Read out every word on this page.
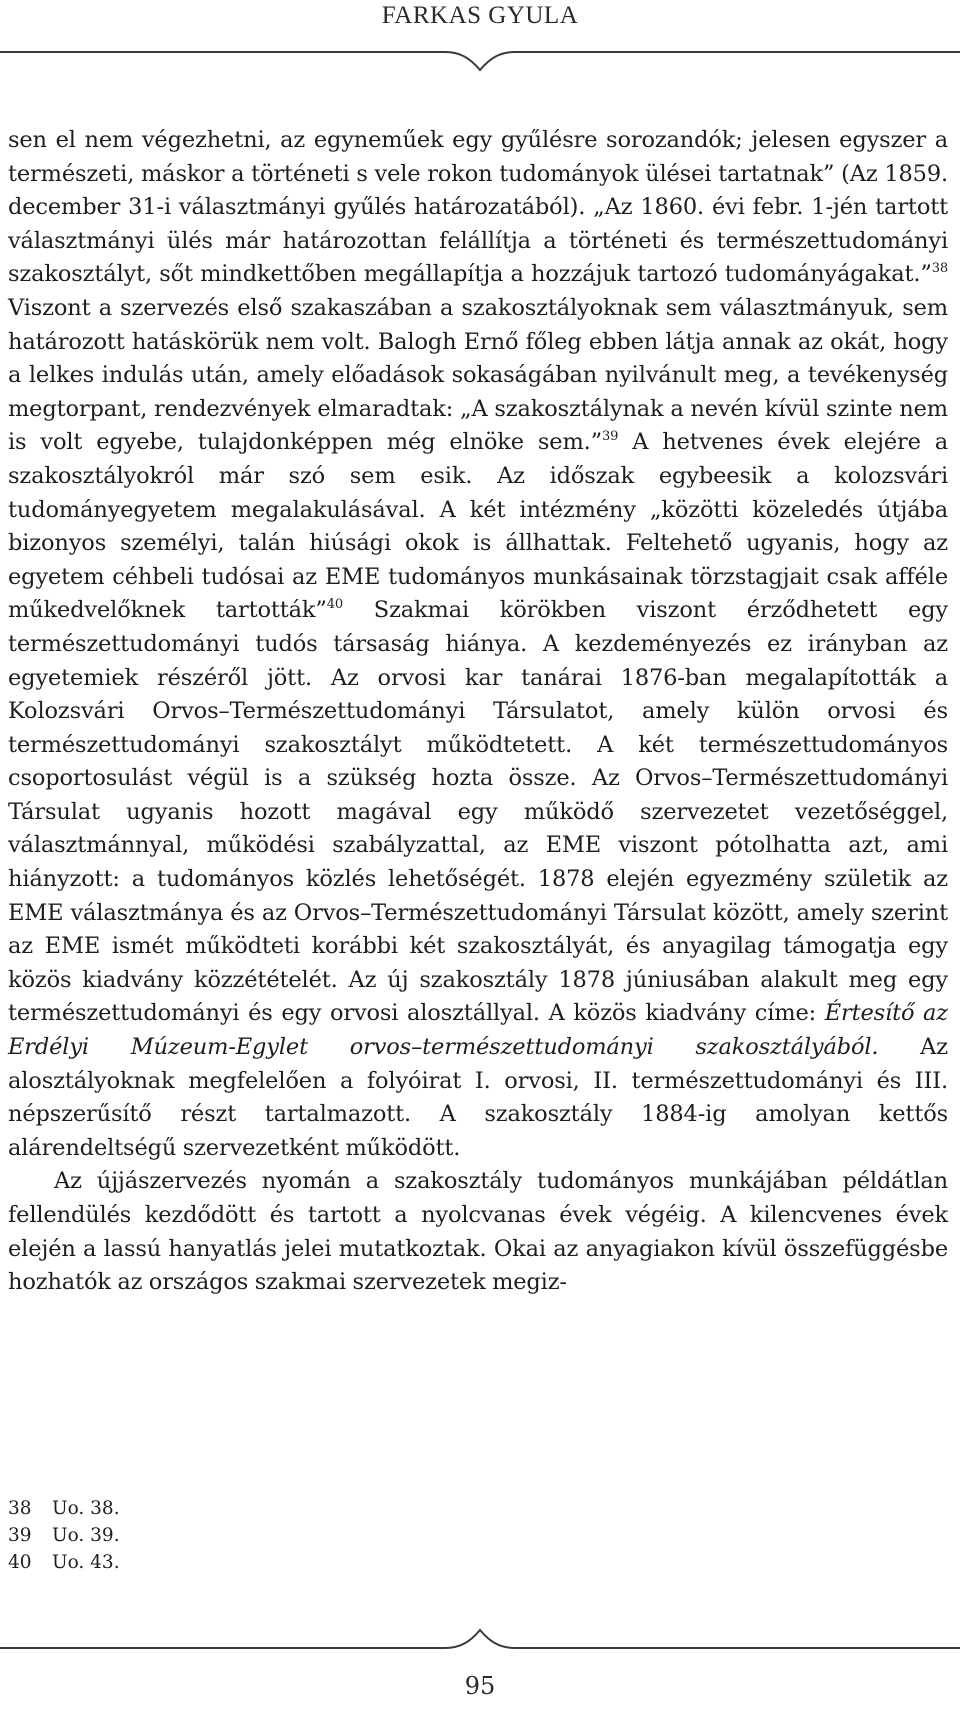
FARKAS GYULA

sen el nem végezhetni, az egyneműek egy gyűlésre sorozandók; jelesen egyszer a természeti, máskor a történeti s vele rokon tudományok ülései tartatnak” (Az 1859. december 31-i választmányi gyűlés határozatából). „Az 1860. évi febr. 1-jén tartott választmányi ülés már határozottan felállítja a történeti és természettudományi szakosztályt, sőt mindkettőben megállapítja a hozzájuk tartozó tudományágakat.”$^{38}$ Viszont a szervezés első szakaszában a szakosztályoknak sem választmányuk, sem határozott hatáskörük nem volt. Balogh Ernő főleg ebben látja annak az okát, hogy a lelkes indulás után, amely előadások sokaságában nyilvánult meg, a tevékenység megtorpant, rendezvények elmaradtak: „A szakosztálynak a nevén kívül szinte nem is volt egyebe, tulajdonképpen még elnöke sem.”$^{39}$ A hetvenes évek elejére a szakosztályokról már szó sem esik. Az időszak egybeesik a kolozsvári tudományegyetem megalakulásával. A két intézmény „közötti közeledés útjába bizonyos személyi, talán hiúsági okok is állhattak. Feltehető ugyanis, hogy az egyetem céhbeli tudósai az EME tudományos munkásainak törzstagjait csak afféle műkedvelőknek tartották”$^{40}$ Szakmai körökben viszont érződhetett egy természettudományi tudós társaság hiánya. A kezdeményezés ez irányban az egyetemiek részéről jött. Az orvosi kar tanárai 1876-ban megalapították a Kolozsvári Orvos–Természettudományi Társulatot, amely külön orvosi és természettudományi szakosztályt működtetett. A két természettudományos csoportosulást végül is a szükség hozta össze. Az Orvos–Természettudományi Társulat ugyanis hozott magával egy működő szervezetet vezetőséggel, választmánnyal, működési szabályzattal, az EME viszont pótolhatta azt, ami hiányzott: a tudományos közlés lehetőségét. 1878 elején egyezmény születik az EME választmánya és az Orvos–Természettudományi Társulat között, amely szerint az EME ismét működteti korábbi két szakosztályát, és anyagilag támogatja egy közös kiadvány közzétételét. Az új szakosztály 1878 júniusában alakult meg egy természettudományi és egy orvosi alosztállyal. A közös kiadvány címe: Értesítő az Erdélyi Múzeum-Egylet orvos–természettudományi szakosztályából. Az alosztályoknak megfelelően a folyóirat I. orvosi, II. természettudományi és III. népszerűsítő részt tartalmazott. A szakosztály 1884-ig amolyan kettős alárendeltségű szervezetként működött.

Az újjászervezés nyomán a szakosztály tudományos munkájában példátlan fellendülés kezdődött és tartott a nyolcvanas évek végéig. A kilencvenes évek elején a lassú hanyatlás jelei mutatkoztak. Okai az anyagiakon kívül összefüggésbe hozhatók az országos szakmai szervezetek megiz-

38	Uo. 38.
39	Uo. 39.
40	Uo. 43.
95
